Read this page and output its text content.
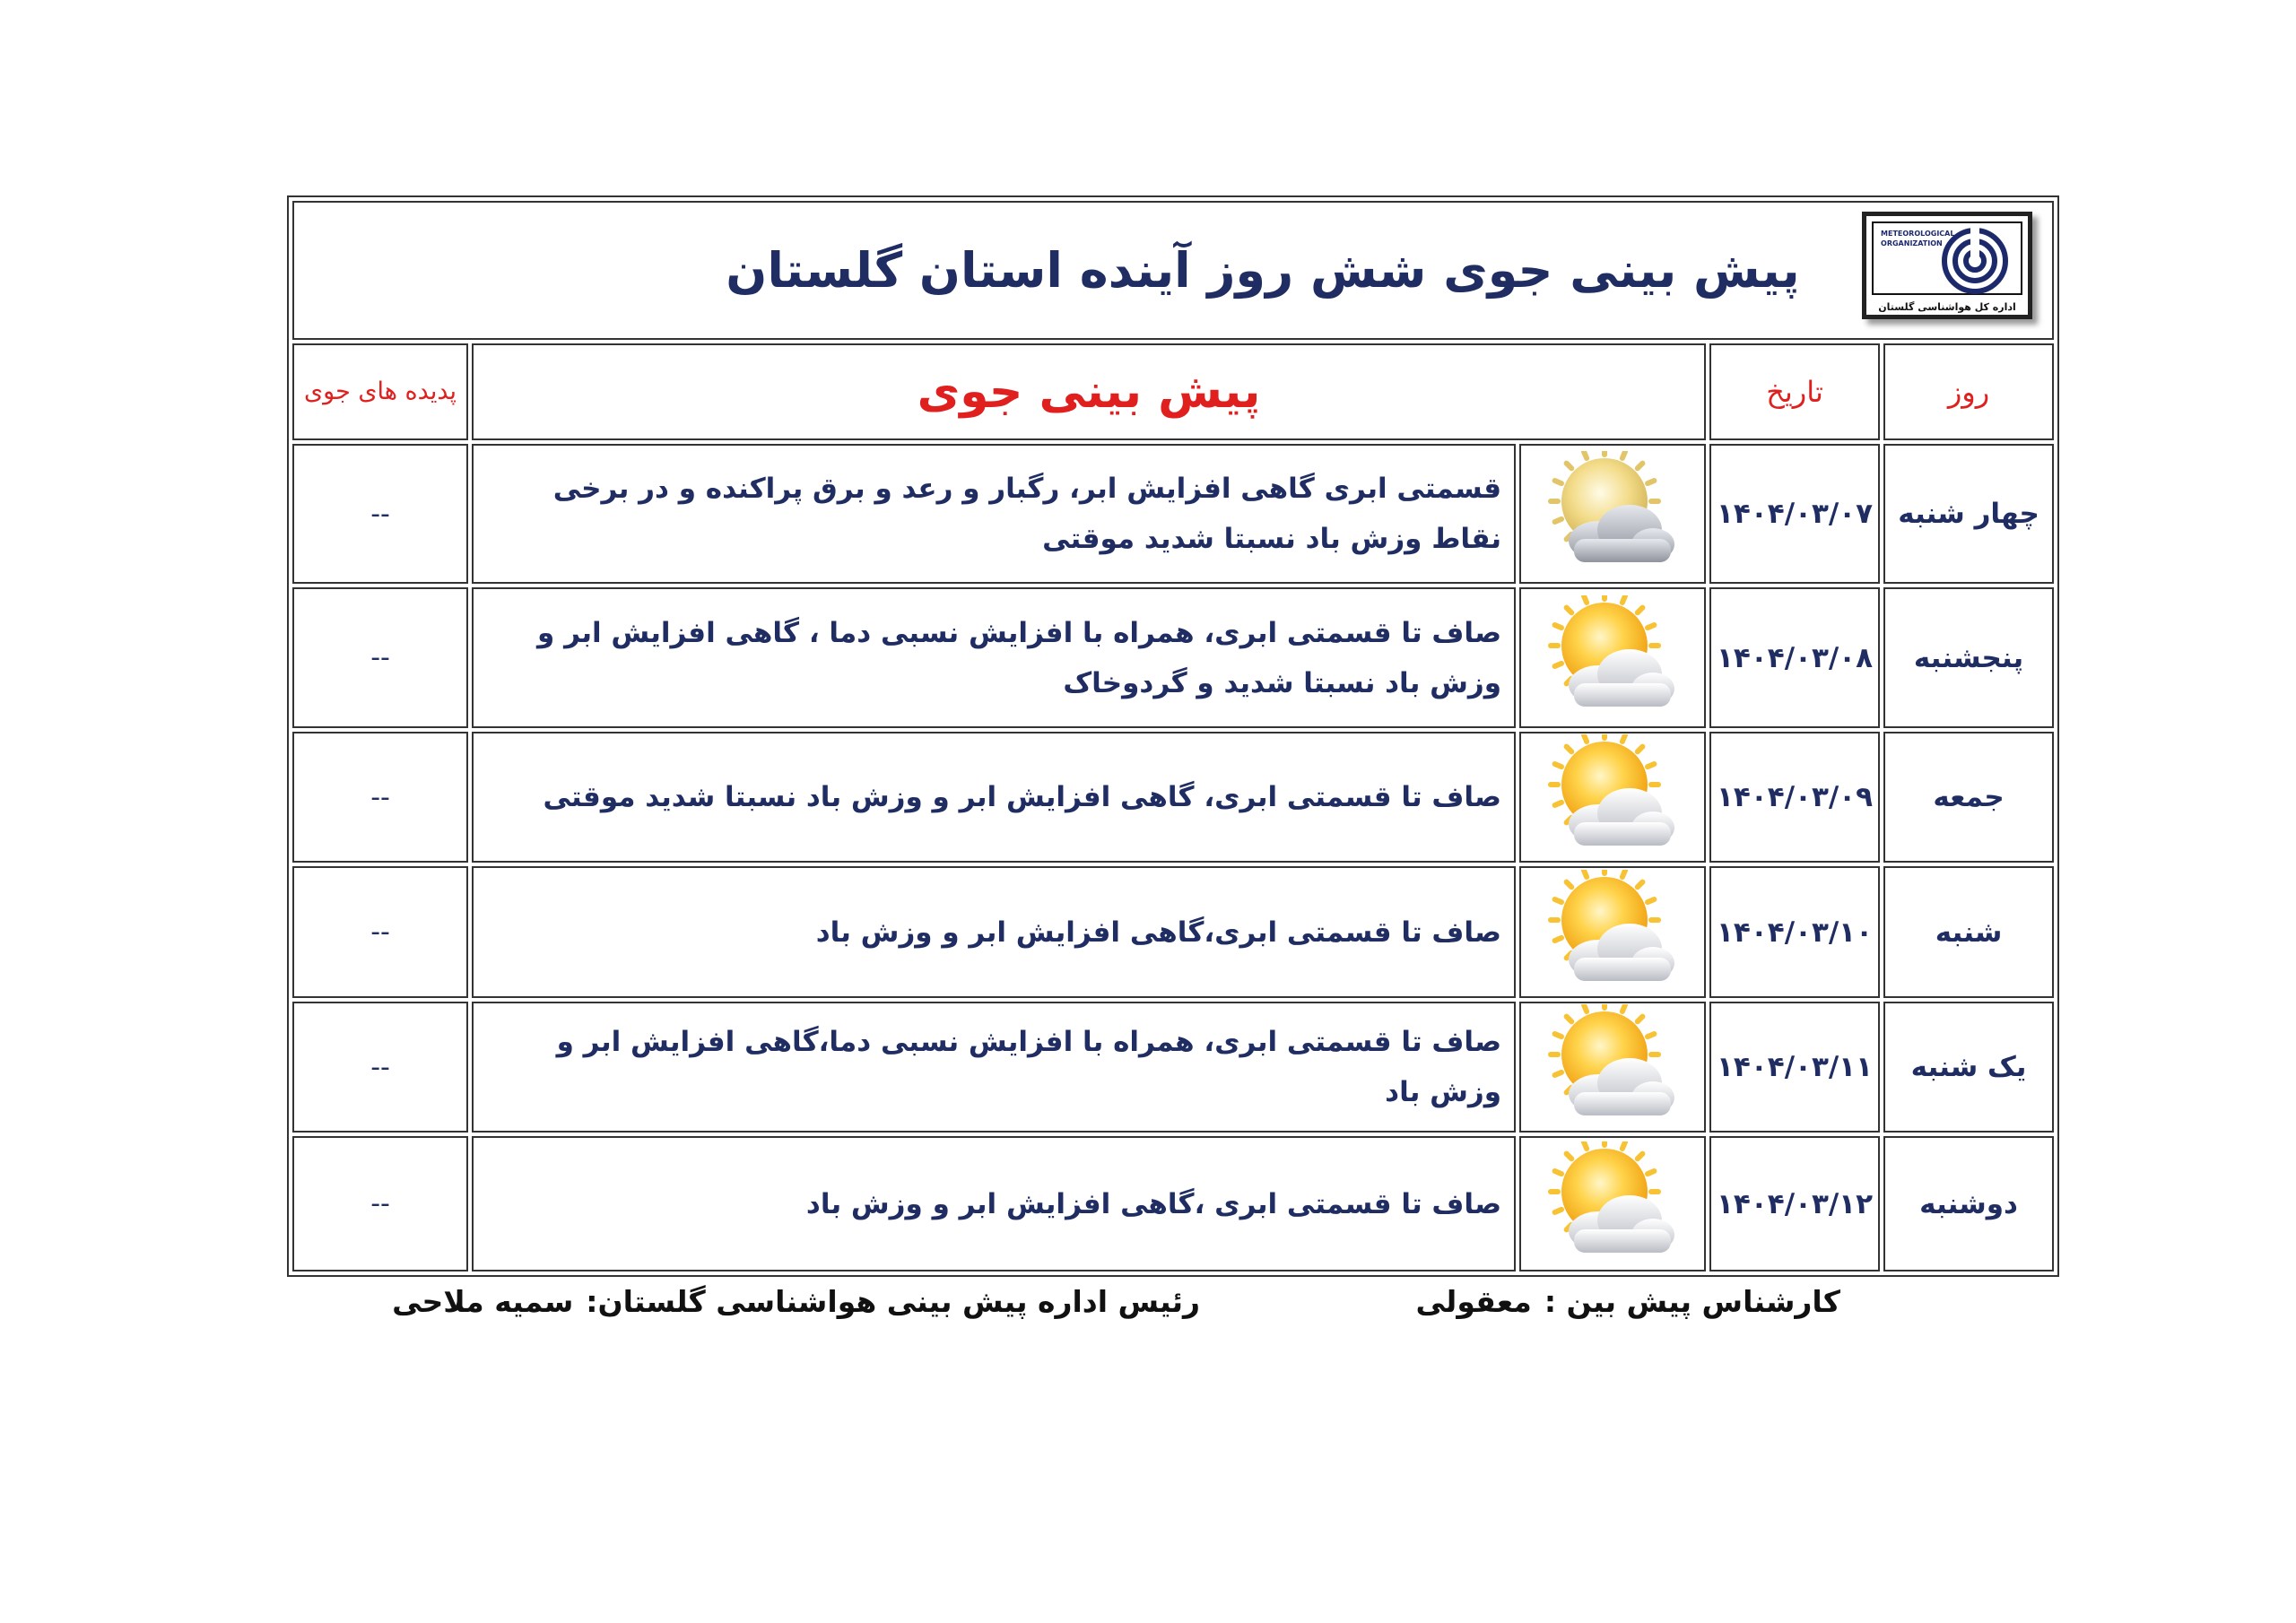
METEOROLOGICAL ORGANIZATION
اداره کل هواشناسی گلستان
پیش بینی جوی شش روز آینده استان گلستان				

روز	تاریخ	پیش بینی جوی		پدیده های جوی
چهار شنبه	۱۴۰۴/۰۳/۰۷		قسمتی ابری گاهی افزایش ابر، رگبار و رعد و برق پراکنده و در برخی نقاط وزش باد نسبتا شدید موقتی	--
پنجشنبه	۱۴۰۴/۰۳/۰۸		صاف تا قسمتی ابری، همراه با افزایش نسبی دما ، گاهی افزایش ابر و وزش باد نسبتا شدید و گردوخاک	--
جمعه	۱۴۰۴/۰۳/۰۹		صاف تا قسمتی ابری، گاهی افزایش ابر و وزش باد نسبتا شدید موقتی	--
شنبه	۱۴۰۴/۰۳/۱۰		صاف تا قسمتی ابری،گاهی افزایش ابر و وزش باد	--
یک شنبه	۱۴۰۴/۰۳/۱۱		صاف تا قسمتی ابری، همراه با افزایش نسبی دما،گاهی افزایش ابر و وزش باد	--
دوشنبه	۱۴۰۴/۰۳/۱۲		صاف تا قسمتی ابری ،گاهی افزایش ابر و وزش باد	--
کارشناس پیش بین :معقولی
رئیس اداره پیش بینی هواشناسی گلستان:سمیه ملاحی
